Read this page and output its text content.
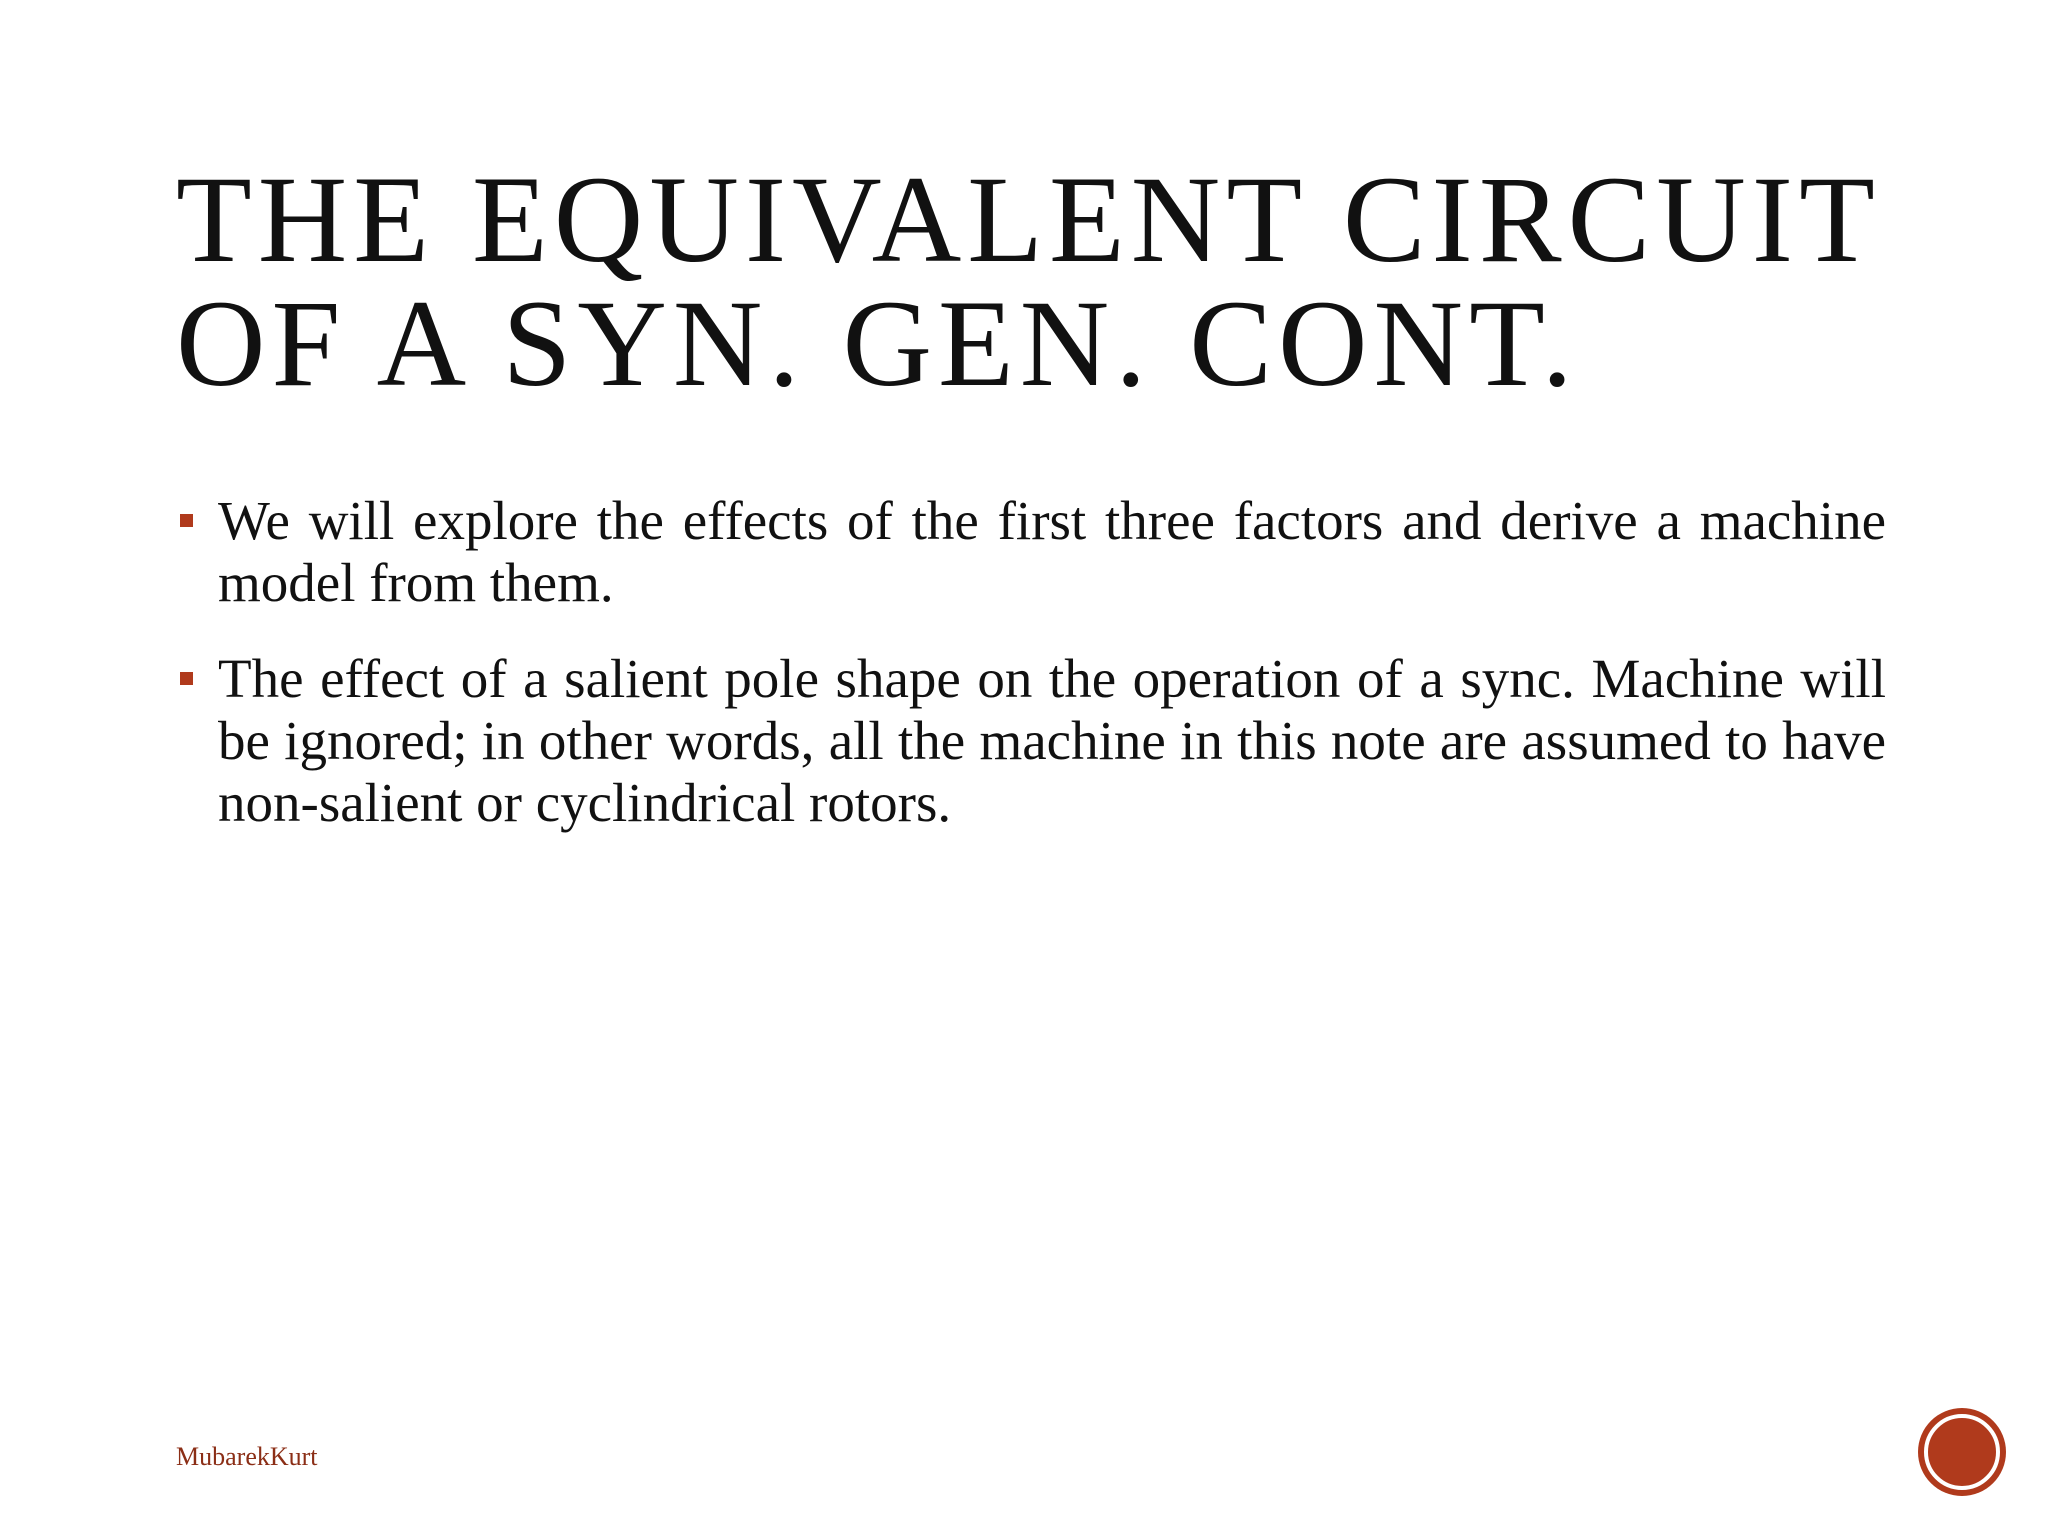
THE EQUIVALENT CIRCUIT
OF A SYN. GEN. CONT.
We will explore the effects of the first three factors and derive a machine model from them.
The effect of a salient pole shape on the operation of a sync. Machine will be ignored; in other words, all the machine in this note are assumed to have non-salient or cyclindrical rotors.
MubarekKurt
